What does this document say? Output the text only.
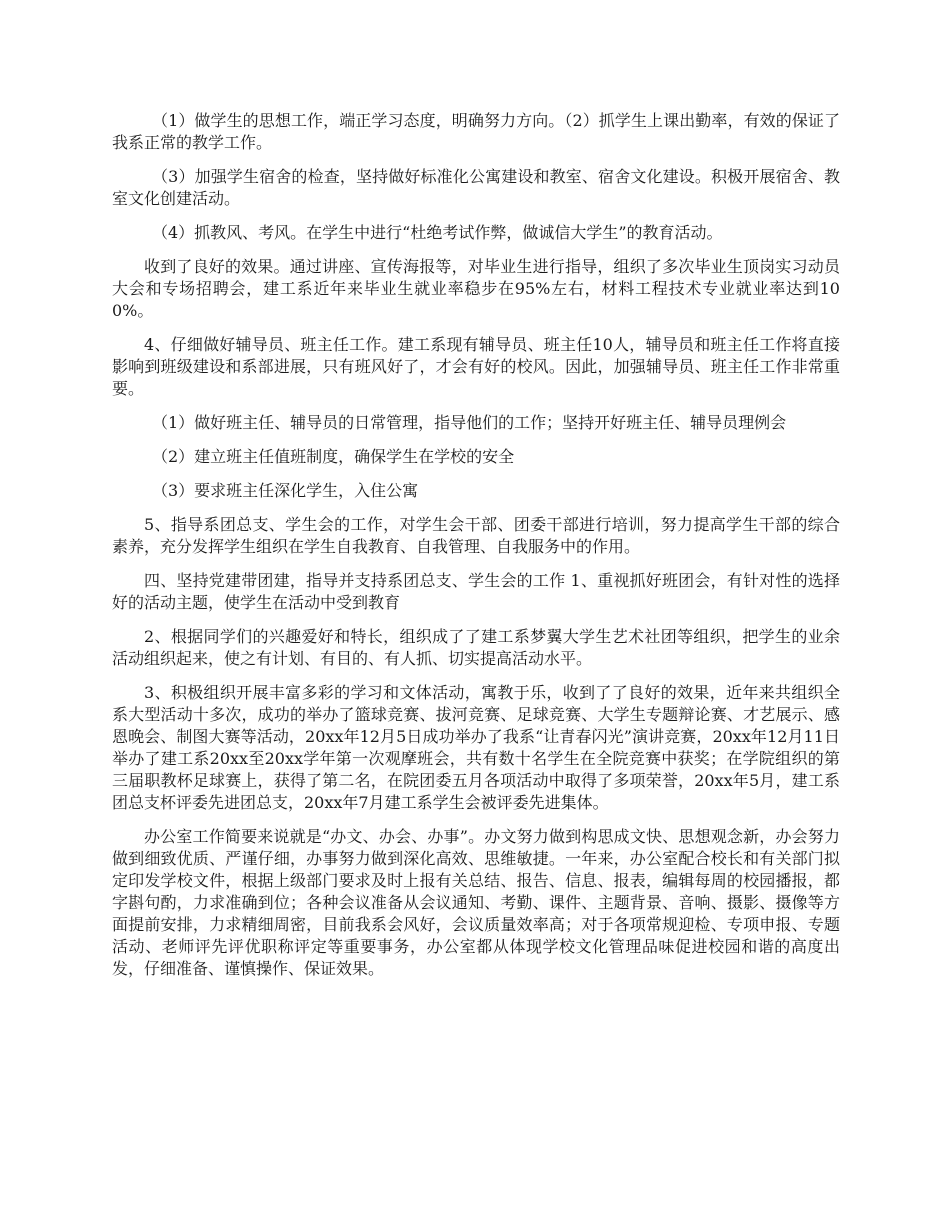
（1）做学生的思想工作，端正学习态度，明确努力方向。（2）抓学生上课出勤率，有效的保证了我系正常的教学工作。

（3）加强学生宿舍的检查，坚持做好标准化公寓建设和教室、宿舍文化建设。积极开展宿舍、教室文化创建活动。

（4）抓教风、考风。在学生中进行“杜绝考试作弊，做诚信大学生”的教育活动。

收到了良好的效果。通过讲座、宣传海报等，对毕业生进行指导，组织了多次毕业生顶岗实习动员大会和专场招聘会，建工系近年来毕业生就业率稳步在95%左右，材料工程技术专业就业率达到100%。

4、仔细做好辅导员、班主任工作。建工系现有辅导员、班主任10人，辅导员和班主任工作将直接影响到班级建设和系部进展，只有班风好了，才会有好的校风。因此，加强辅导员、班主任工作非常重要。

（1）做好班主任、辅导员的日常管理，指导他们的工作；坚持开好班主任、辅导员理例会

（2）建立班主任值班制度，确保学生在学校的安全

（3）要求班主任深化学生，入住公寓

5、指导系团总支、学生会的工作，对学生会干部、团委干部进行培训，努力提高学生干部的综合素养，充分发挥学生组织在学生自我教育、自我管理、自我服务中的作用。

四、坚持党建带团建，指导并支持系团总支、学生会的工作 1、重视抓好班团会，有针对性的选择好的活动主题，使学生在活动中受到教育

2、根据同学们的兴趣爱好和特长，组织成了了建工系梦翼大学生艺术社团等组织，把学生的业余活动组织起来，使之有计划、有目的、有人抓、切实提高活动水平。

3、积极组织开展丰富多彩的学习和文体活动，寓教于乐，收到了了良好的效果，近年来共组织全系大型活动十多次，成功的举办了篮球竞赛、拔河竞赛、足球竞赛、大学生专题辩论赛、才艺展示、感恩晚会、制图大赛等活动，20xx年12月5日成功举办了我系“让青春闪光”演讲竞赛，20xx年12月11日举办了建工系20xx至20xx学年第一次观摩班会，共有数十名学生在全院竞赛中获奖；在学院组织的第三届职教杯足球赛上，获得了第二名，在院团委五月各项活动中取得了多项荣誉，20xx年5月，建工系团总支杯评委先进团总支，20xx年7月建工系学生会被评委先进集体。

办公室工作简要来说就是“办文、办会、办事”。办文努力做到构思成文快、思想观念新，办会努力做到细致优质、严谨仔细，办事努力做到深化高效、思维敏捷。一年来，办公室配合校长和有关部门拟定印发学校文件，根据上级部门要求及时上报有关总结、报告、信息、报表，编辑每周的校园播报，都字斟句酌，力求准确到位；各种会议准备从会议通知、考勤、课件、主题背景、音响、摄影、摄像等方面提前安排，力求精细周密，目前我系会风好，会议质量效率高；对于各项常规迎检、专项申报、专题活动、老师评先评优职称评定等重要事务，办公室都从体现学校文化管理品味促进校园和谐的高度出发，仔细准备、谨慎操作、保证效果。
